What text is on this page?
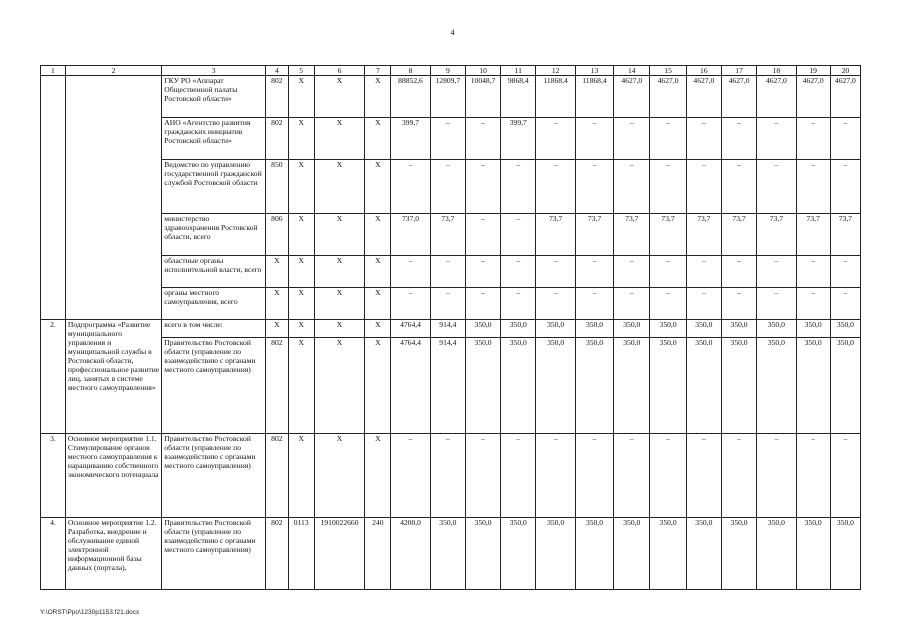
4
1	2	3	4	5	6	7	8	9	10	11	12	13	14	15	16	17	18	19	20
		ГКУ РО «Аппарат Общественной палаты Ростовской области»	802	Х	Х	Х	88852,6	12809,7	10048,7	9868,4	11868,4	11868,4	4627,0	4627,0	4627,0	4627,0	4627,0	4627,0	4627,0
		АНО «Агентство развития гражданских инициатив Ростовской области»	802	Х	Х	Х	399,7	–	–	399,7	–	–	–	–	–	–	–	–	–
		Ведомство по управлению государственной гражданской службой Ростовской области	850	Х	Х	Х	–	–	–	–	–	–	–	–	–	–	–	–	–
		министерство здравоохранения Ростовской области, всего	806	Х	Х	Х	737,0	73,7	–	–	73,7	73,7	73,7	73,7	73,7	73,7	73,7	73,7	73,7
		областные органы исполнительной власти, всего	Х	Х	Х	Х	–	–	–	–	–	–	–	–	–	–	–	–	–
		органы местного самоуправления, всего	Х	Х	Х	Х	–	–	–	–	–	–	–	–	–	–	–	–	–
2.	Подпрограмма «Развитие муниципального управления и муниципальной службы в Ростовской области, профессиональное развитие лиц, занятых в системе местного самоуправления»	всего в том числе:	Х	Х	Х	Х	4764,4	914,4	350,0	350,0	350,0	350,0	350,0	350,0	350,0	350,0	350,0	350,0	350,0
		Правительство Ростовской области (управление по взаимодействию с органами местного самоуправления)	802	Х	Х	Х	4764,4	914,4	350,0	350,0	350,0	350,0	350,0	350,0	350,0	350,0	350,0	350,0	350,0
3.	Основное мероприятие 1.1. Стимулирование органов местного самоуправления к наращиванию собственного экономического потенциала	Правительство Ростовской области (управление по взаимодействию с органами местного самоуправления)	802	Х	Х	Х	–	–	–	–	–	–	–	–	–	–	–	–	–
4.	Основное мероприятие 1.2. Разработка, внедрение и обслуживание единой электронной информационной базы данных (портала),	Правительство Ростовской области (управление по взаимодействию с органами местного самоуправления)	802	0113	1910022660	240	4200,0	350,0	350,0	350,0	350,0	350,0	350,0	350,0	350,0	350,0	350,0	350,0	350,0
Y:\ORST\Ppo\1230p1153.f21.docx
